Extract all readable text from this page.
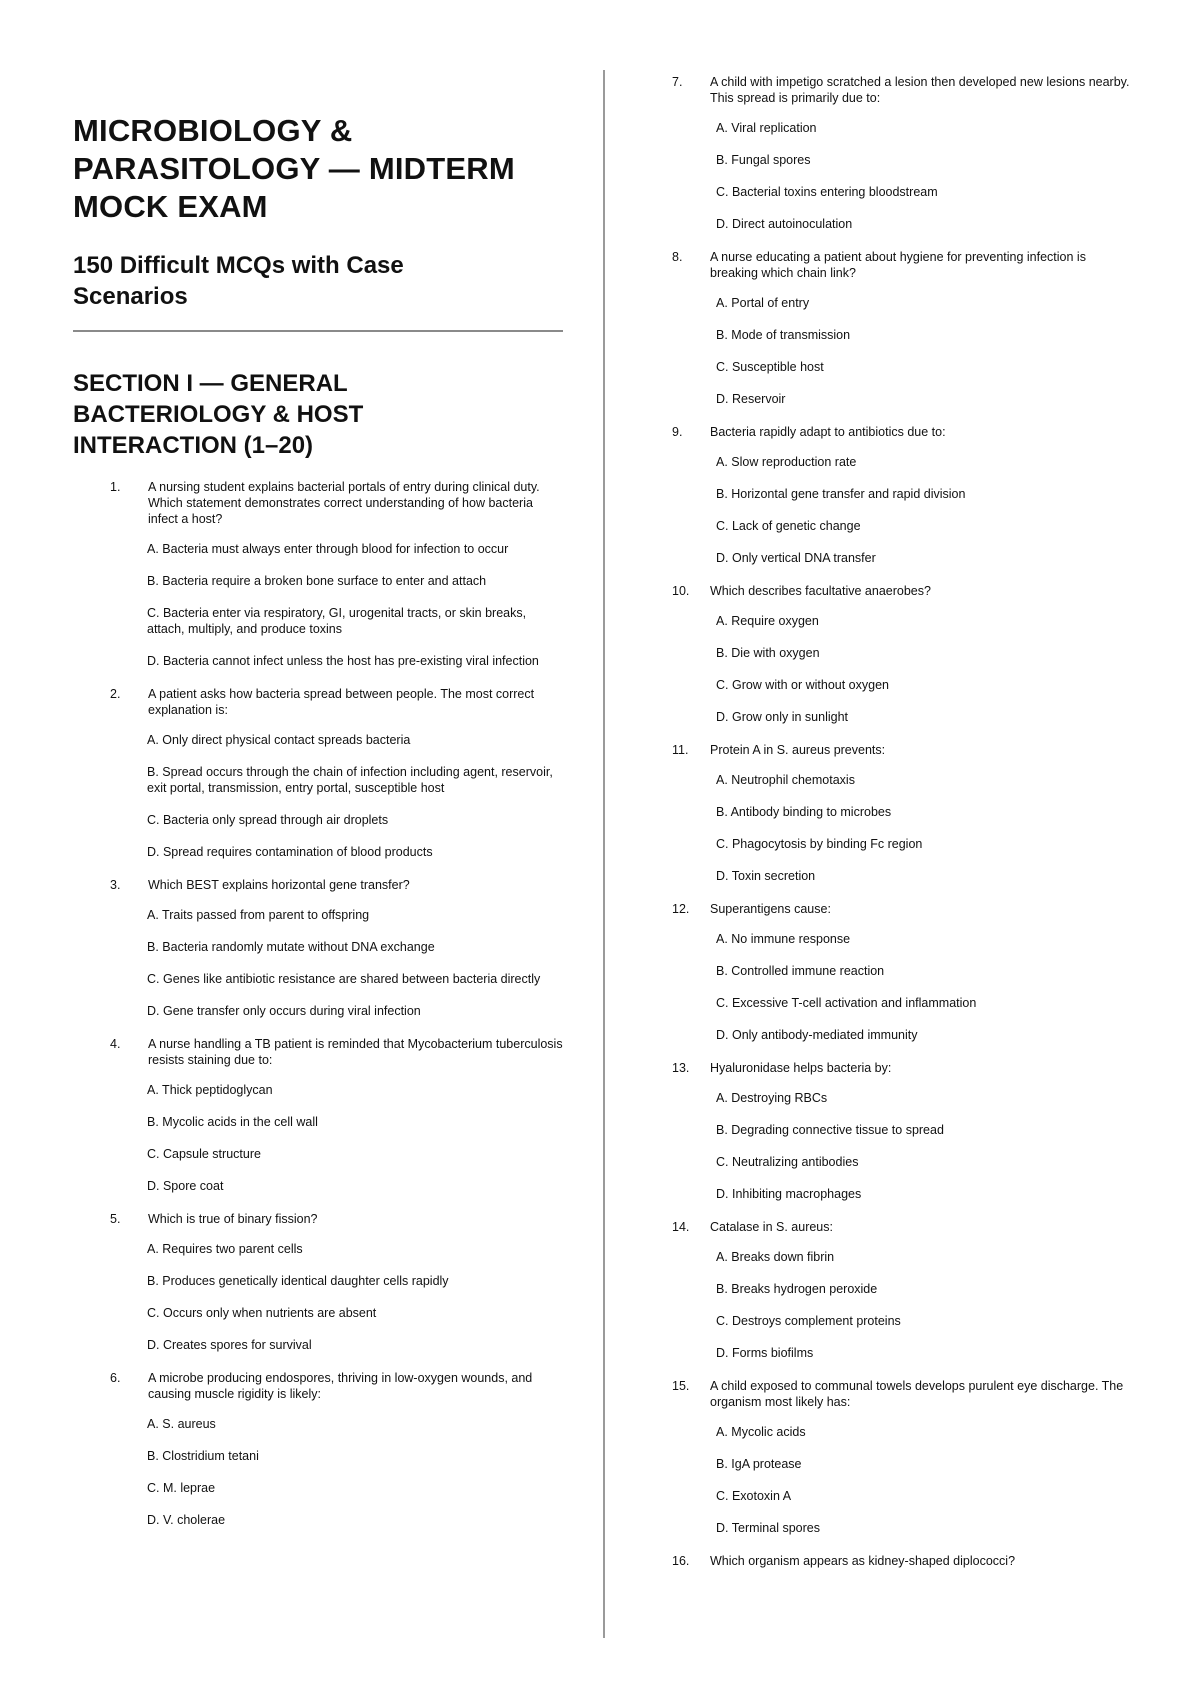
MICROBIOLOGY &
PARASITOLOGY — MIDTERM
MOCK EXAM
150 Difficult MCQs with Case
Scenarios
SECTION I — GENERAL
BACTERIOLOGY & HOST
INTERACTION (1–20)
1.	A nursing student explains bacterial portals of entry during clinical duty. Which statement demonstrates correct understanding of how bacteria infect a host?
A. Bacteria must always enter through blood for infection to occur
B. Bacteria require a broken bone surface to enter and attach
C. Bacteria enter via respiratory, GI, urogenital tracts, or skin breaks, attach, multiply, and produce toxins
D. Bacteria cannot infect unless the host has pre-existing viral infection
2.	A patient asks how bacteria spread between people. The most correct explanation is:
A. Only direct physical contact spreads bacteria
B. Spread occurs through the chain of infection including agent, reservoir, exit portal, transmission, entry portal, susceptible host
C. Bacteria only spread through air droplets
D. Spread requires contamination of blood products
3.	Which BEST explains horizontal gene transfer?
A. Traits passed from parent to offspring
B. Bacteria randomly mutate without DNA exchange
C. Genes like antibiotic resistance are shared between bacteria directly
D. Gene transfer only occurs during viral infection
4.	A nurse handling a TB patient is reminded that Mycobacterium tuberculosis resists staining due to:
A. Thick peptidoglycan
B. Mycolic acids in the cell wall
C. Capsule structure
D. Spore coat
5.	Which is true of binary fission?
A. Requires two parent cells
B. Produces genetically identical daughter cells rapidly
C. Occurs only when nutrients are absent
D. Creates spores for survival
6.	A microbe producing endospores, thriving in low-oxygen wounds, and causing muscle rigidity is likely:
A. S. aureus
B. Clostridium tetani
C. M. leprae
D. V. cholerae
7.	A child with impetigo scratched a lesion then developed new lesions nearby. This spread is primarily due to:
A. Viral replication
B. Fungal spores
C. Bacterial toxins entering bloodstream
D. Direct autoinoculation
8.	A nurse educating a patient about hygiene for preventing infection is breaking which chain link?
A. Portal of entry
B. Mode of transmission
C. Susceptible host
D. Reservoir
9.	Bacteria rapidly adapt to antibiotics due to:
A. Slow reproduction rate
B. Horizontal gene transfer and rapid division
C. Lack of genetic change
D. Only vertical DNA transfer
10.	Which describes facultative anaerobes?
A. Require oxygen
B. Die with oxygen
C. Grow with or without oxygen
D. Grow only in sunlight
11.	Protein A in S. aureus prevents:
A. Neutrophil chemotaxis
B. Antibody binding to microbes
C. Phagocytosis by binding Fc region
D. Toxin secretion
12.	Superantigens cause:
A. No immune response
B. Controlled immune reaction
C. Excessive T-cell activation and inflammation
D. Only antibody-mediated immunity
13.	Hyaluronidase helps bacteria by:
A. Destroying RBCs
B. Degrading connective tissue to spread
C. Neutralizing antibodies
D. Inhibiting macrophages
14.	Catalase in S. aureus:
A. Breaks down fibrin
B. Breaks hydrogen peroxide
C. Destroys complement proteins
D. Forms biofilms
15.	A child exposed to communal towels develops purulent eye discharge. The organism most likely has:
A. Mycolic acids
B. IgA protease
C. Exotoxin A
D. Terminal spores
16.	Which organism appears as kidney-shaped diplococci?
